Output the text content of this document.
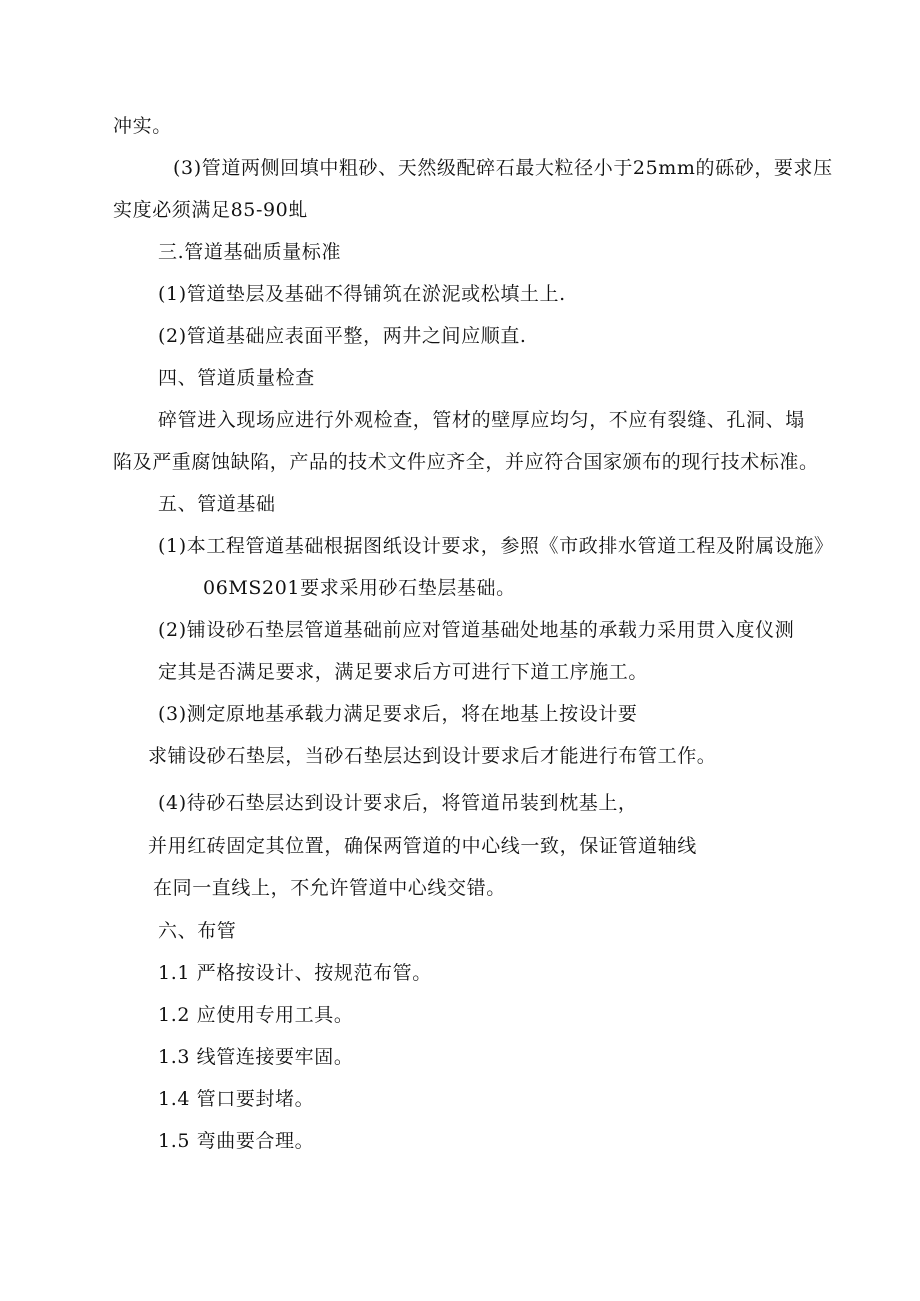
冲实。
(3)管道两侧回填中粗砂、天然级配碎石最大粒径小于25mm的砾砂，要求压
实度必须满足85-90虬
三.管道基础质量标准
(1)管道垫层及基础不得铺筑在淤泥或松填土上.
(2)管道基础应表面平整，两井之间应顺直.
四、管道质量检查
碎管进入现场应进行外观检查，管材的壁厚应均匀，不应有裂缝、孔洞、塌
陷及严重腐蚀缺陷，产品的技术文件应齐全，并应符合国家颁布的现行技术标准。
五、管道基础
(1)本工程管道基础根据图纸设计要求，参照《市政排水管道工程及附属设施》
06MS201要求采用砂石垫层基础。
(2)铺设砂石垫层管道基础前应对管道基础处地基的承载力采用贯入度仪测
定其是否满足要求，满足要求后方可进行下道工序施工。
(3)测定原地基承载力满足要求后，将在地基上按设计要
求铺设砂石垫层，当砂石垫层达到设计要求后才能进行布管工作。
(4)待砂石垫层达到设计要求后，将管道吊装到枕基上，
并用红砖固定其位置，确保两管道的中心线一致，保证管道轴线
在同一直线上，不允许管道中心线交错。
六、布管
1.1 严格按设计、按规范布管。
1.2 应使用专用工具。
1.3 线管连接要牢固。
1.4 管口要封堵。
1.5 弯曲要合理。
